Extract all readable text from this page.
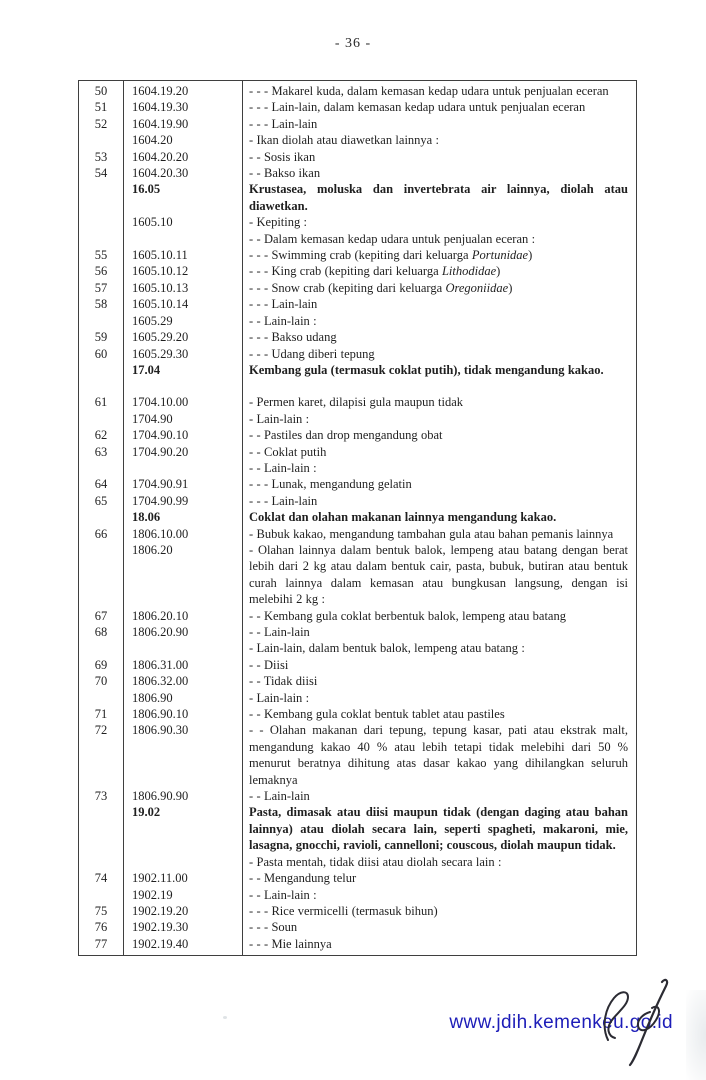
- 36 -
50	1604.19.20	- - - Makarel kuda, dalam kemasan kedap udara untuk penjualan eceran
51	1604.19.30	- - - Lain-lain, dalam kemasan kedap udara untuk penjualan eceran
52	1604.19.90	- - - Lain-lain
	1604.20	- Ikan diolah atau diawetkan lainnya :
53	1604.20.20	- - Sosis ikan
54	1604.20.30	- - Bakso ikan
	16.05	Krustasea, moluska dan invertebrata air lainnya, diolah atau diawetkan.
	1605.10	- Kepiting :
		- - Dalam kemasan kedap udara untuk penjualan eceran :
55	1605.10.11	- - - Swimming crab (kepiting dari keluarga Portunidae)
56	1605.10.12	- - - King crab (kepiting dari keluarga Lithodidae)
57	1605.10.13	- - - Snow crab (kepiting dari keluarga Oregoniidae)
58	1605.10.14	- - - Lain-lain
	1605.29	- - Lain-lain :
59	1605.29.20	- - - Bakso udang
60	1605.29.30	- - - Udang diberi tepung
	17.04	Kembang gula (termasuk coklat putih), tidak mengandung kakao.

61	1704.10.00	- Permen karet, dilapisi gula maupun tidak
	1704.90	- Lain-lain :
62	1704.90.10	- - Pastiles dan drop mengandung obat
63	1704.90.20	- - Coklat putih
		- - Lain-lain :
64	1704.90.91	- - - Lunak, mengandung gelatin
65	1704.90.99	- - - Lain-lain
	18.06	Coklat dan olahan makanan lainnya mengandung kakao.
66	1806.10.00	- Bubuk kakao, mengandung tambahan gula atau bahan pemanis lainnya
	1806.20	- Olahan lainnya dalam bentuk balok, lempeng atau batang dengan berat lebih dari 2 kg atau dalam bentuk cair, pasta, bubuk, butiran atau bentuk curah lainnya dalam kemasan atau bungkusan langsung, dengan isi melebihi 2 kg :
67	1806.20.10	- - Kembang gula coklat berbentuk balok, lempeng atau batang
68	1806.20.90	- - Lain-lain
		- Lain-lain, dalam bentuk balok, lempeng atau batang :
69	1806.31.00	- - Diisi
70	1806.32.00	- - Tidak diisi
	1806.90	- Lain-lain :
71	1806.90.10	- - Kembang gula coklat bentuk tablet atau pastiles
72	1806.90.30	- - Olahan makanan dari tepung, tepung kasar, pati atau ekstrak malt, mengandung kakao 40 % atau lebih tetapi tidak melebihi dari 50 % menurut beratnya dihitung atas dasar kakao yang dihilangkan seluruh lemaknya
73	1806.90.90	- - Lain-lain
	19.02	Pasta, dimasak atau diisi maupun tidak (dengan daging atau bahan lainnya) atau diolah secara lain, seperti spagheti, makaroni, mie, lasagna, gnocchi, ravioli, cannelloni; couscous, diolah maupun tidak.
		- Pasta mentah, tidak diisi atau diolah secara lain :
74	1902.11.00	- - Mengandung telur
	1902.19	- - Lain-lain :
75	1902.19.20	- - - Rice vermicelli (termasuk bihun)
76	1902.19.30	- - - Soun
77	1902.19.40	- - - Mie lainnya
www.jdih.kemenkeu.go.id
